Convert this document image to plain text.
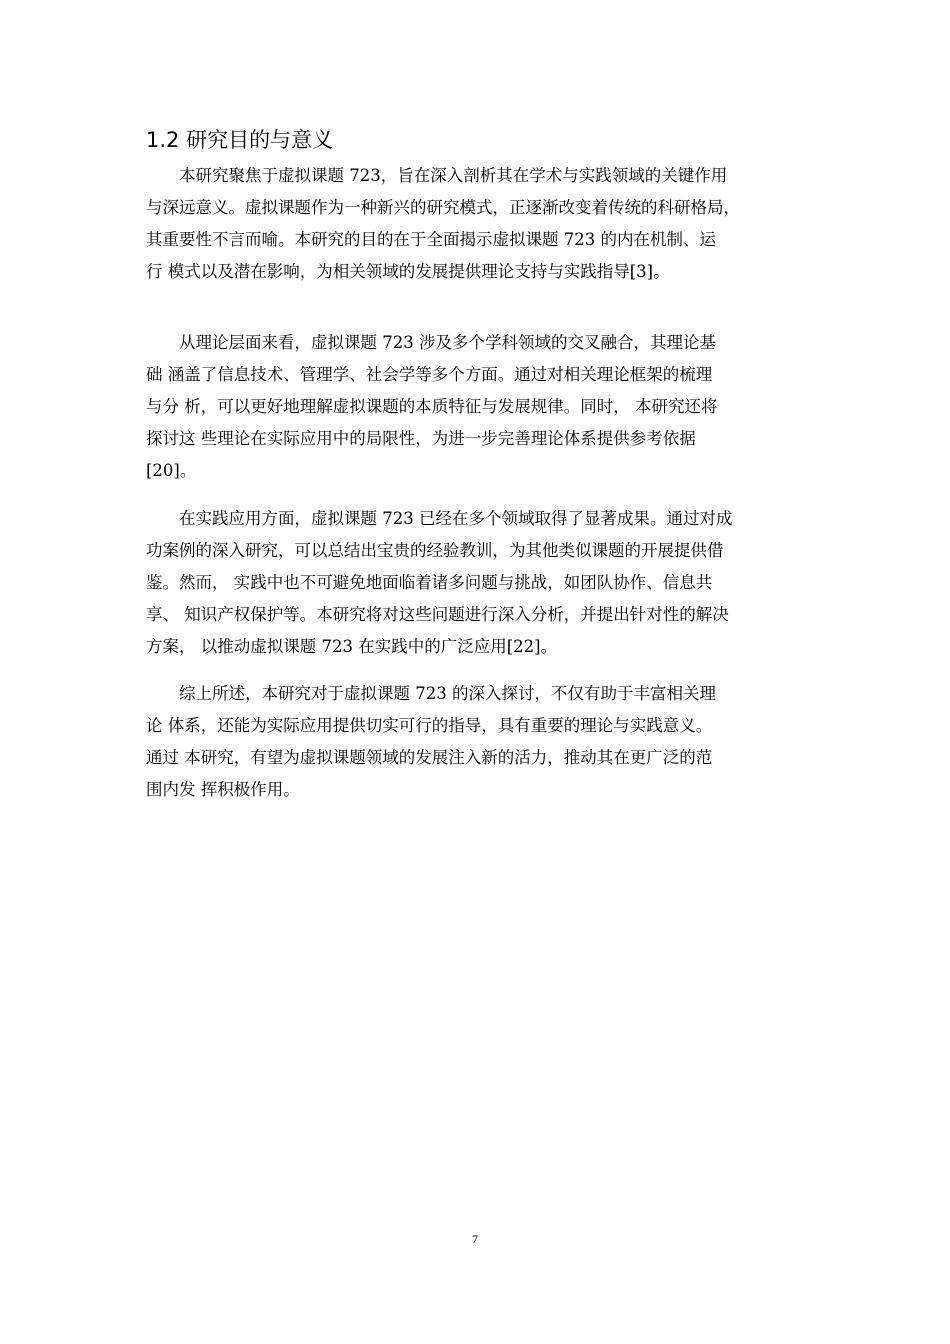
1.2 研究目的与意义
本研究聚焦于虚拟课题 723，旨在深入剖析其在学术与实践领域的关键作用
与深远意义。虚拟课题作为一种新兴的研究模式，正逐渐改变着传统的科研格局，
其重要性不言而喻。本研究的目的在于全面揭示虚拟课题 723 的内在机制、运
行 模式以及潜在影响，为相关领域的发展提供理论支持与实践指导[3]。
从理论层面来看，虚拟课题 723 涉及多个学科领域的交叉融合，其理论基
础 涵盖了信息技术、管理学、社会学等多个方面。通过对相关理论框架的梳理
与分 析，可以更好地理解虚拟课题的本质特征与发展规律。同时， 本研究还将
探讨这 些理论在实际应用中的局限性，为进一步完善理论体系提供参考依据
[20]。
在实践应用方面，虚拟课题 723 已经在多个领域取得了显著成果。通过对成
功案例的深入研究，可以总结出宝贵的经验教训，为其他类似课题的开展提供借
鉴。然而， 实践中也不可避免地面临着诸多问题与挑战，如团队协作、信息共
享、 知识产权保护等。本研究将对这些问题进行深入分析，并提出针对性的解决
方案， 以推动虚拟课题 723 在实践中的广泛应用[22]。
综上所述，本研究对于虚拟课题 723 的深入探讨，不仅有助于丰富相关理
论 体系，还能为实际应用提供切实可行的指导，具有重要的理论与实践意义。
通过 本研究，有望为虚拟课题领域的发展注入新的活力，推动其在更广泛的范
围内发 挥积极作用。
7
